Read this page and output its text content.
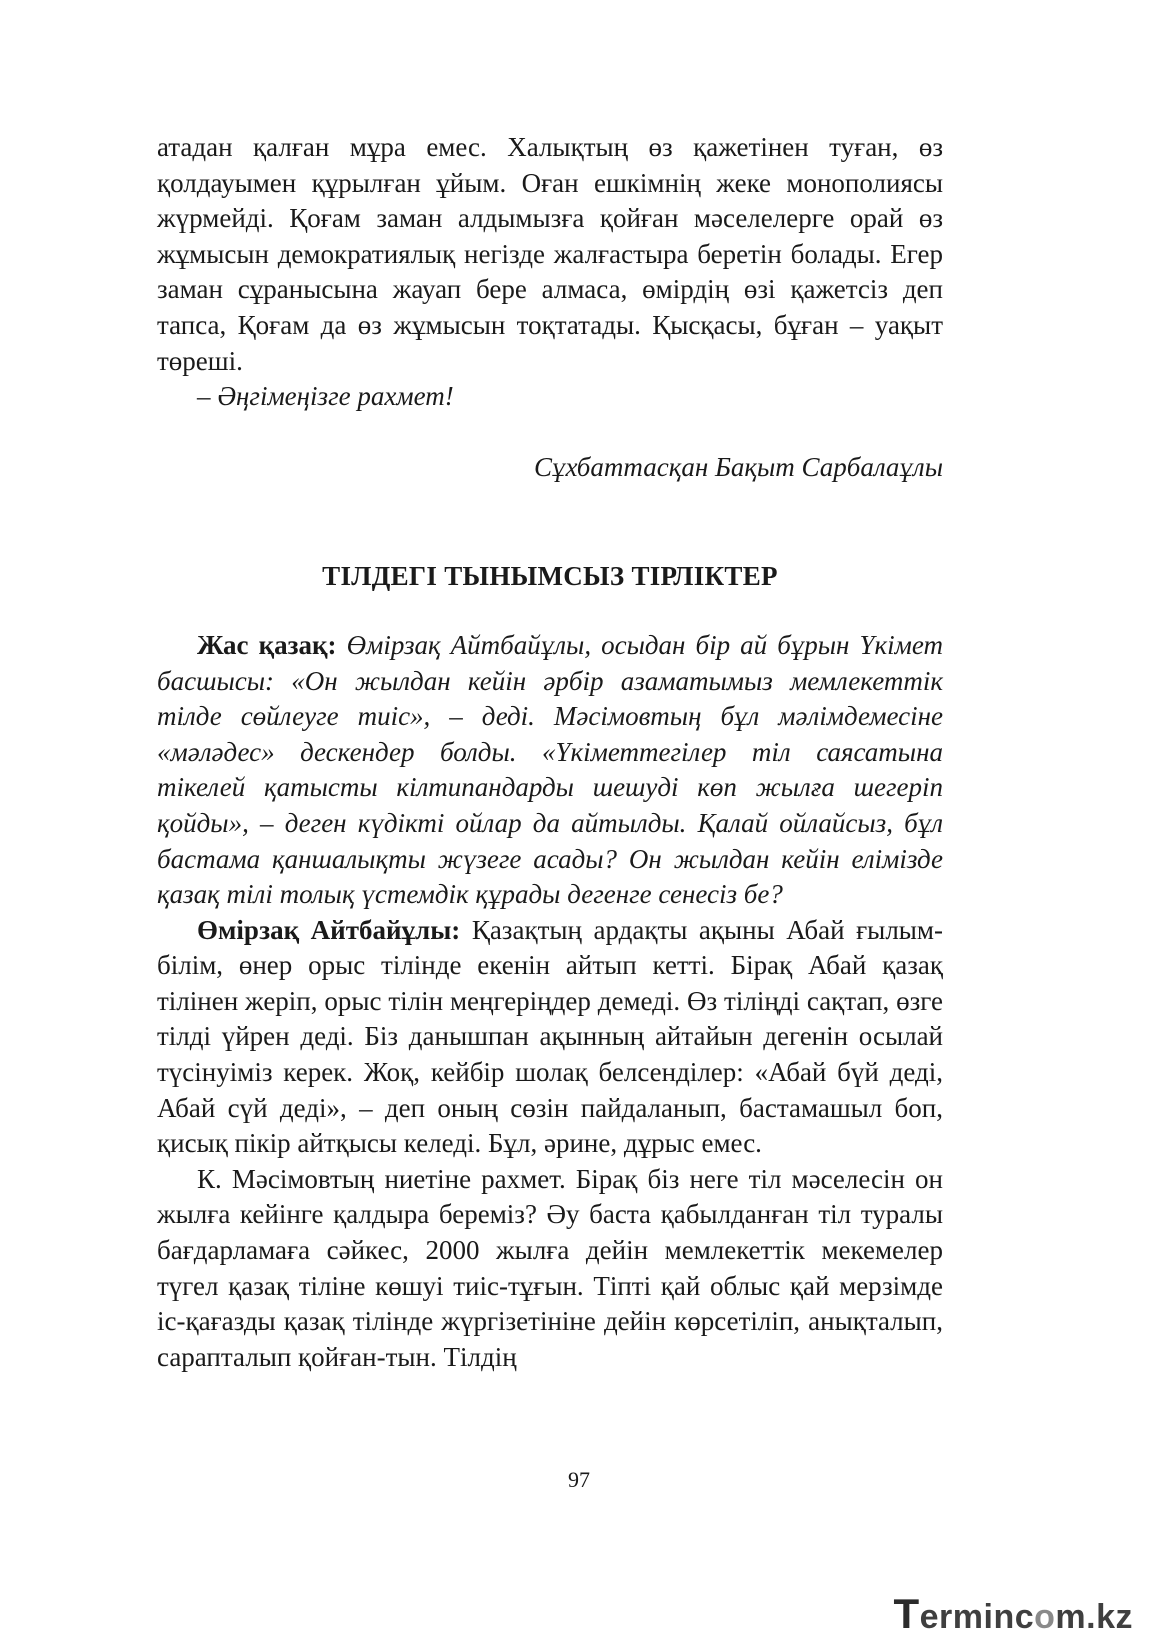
атадан қалған мұра емес. Халықтың өз қажетінен туған, өз қолдауымен құрылған ұйым. Оған ешкімнің жеке монополиясы жүрмейді. Қоғам заман алдымызға қойған мәселелерге орай өз жұмысын демократиялық негізде жалғастыра беретін болады. Егер заман сұранысына жауап бере алмаса, өмірдің өзі қажетсіз деп тапса, Қоғам да өз жұмысын тоқтатады. Қысқасы, бұған – уақыт төреші.

– Әңгімеңізге рахмет!

Сұхбаттасқан Бақыт Сарбалаұлы

ТІЛДЕГІ ТЫНЫМСЫЗ ТІРЛІКТЕР

Жас қазақ: Өмірзақ Айтбайұлы, осыдан бір ай бұрын Үкімет басшысы: «Он жылдан кейін әрбір азаматымыз мемлекеттік тілде сөйлеуге тиіс», – деді. Мәсімовтың бұл мәлімдемесіне «мәләдес» дескендер болды. «Үкіметтегілер тіл саясатына тікелей қатысты кілтипандарды шешуді көп жылға шегеріп қойды», – деген күдікті ойлар да айтылды. Қалай ойлайсыз, бұл бастама қаншалықты жүзеге асады? Он жылдан кейін елімізде қазақ тілі толық үстемдік құрады дегенге сенесіз бе?

Өмірзақ Айтбайұлы: Қазақтың ардақты ақыны Абай ғылым-білім, өнер орыс тілінде екенін айтып кетті. Бірақ Абай қазақ тілінен жеріп, орыс тілін меңгеріңдер демеді. Өз тіліңді сақтап, өзге тілді үйрен деді. Біз данышпан ақынның айтайын дегенін осылай түсінуіміз керек. Жоқ, кейбір шолақ белсенділер: «Абай бүй деді, Абай сүй деді», – деп оның сөзін пайдаланып, бастамашыл боп, қисық пікір айтқысы келеді. Бұл, әрине, дұрыс емес.

К. Мәсімовтың ниетіне рахмет. Бірақ біз неге тіл мәселесін он жылға кейінге қалдыра береміз? Әу баста қабылданған тіл туралы бағдарламаға сәйкес, 2000 жылға дейін мемлекеттік мекемелер түгел қазақ тіліне көшуі тиіс-тұғын. Тіпті қай облыс қай мерзімде іс-қағазды қазақ тілінде жүргізетініне дейін көрсетіліп, анықталып, сарапталып қойған-тын. Тілдің

97
Termincom.kz
